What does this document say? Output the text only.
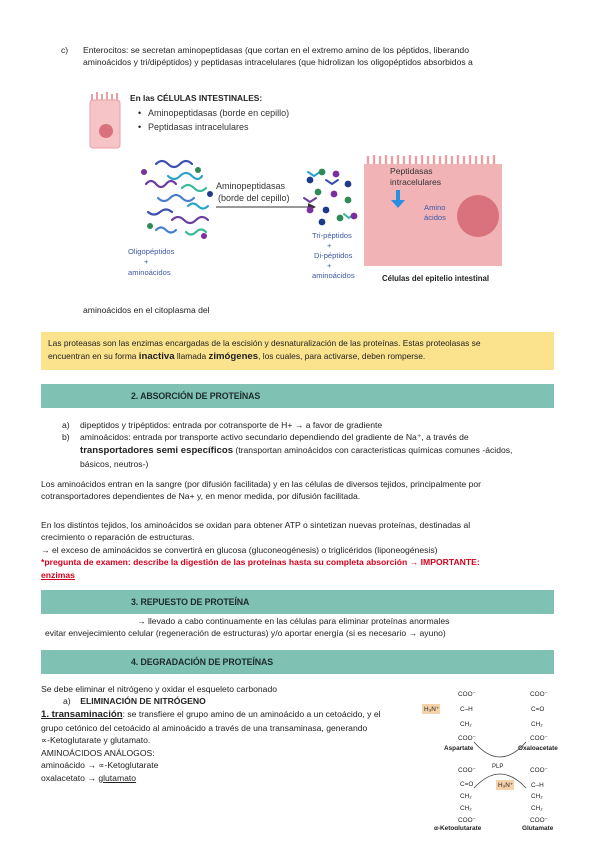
c) Enterocitos: se secretan aminopeptidasas (que cortan en el extremo amino de los péptidos, liberando
aminoácidos y tri/dipéptidos) y peptidasas intracelulares (que hidrolizan los oligopéptidos absorbidos a
En las CÉLULAS INTESTINALES:
• Aminopeptidasas (borde en cepillo)
• Peptidasas intracelulares
Oligopéptidos
+
aminoácidos
Aminopeptidasas
(borde del cepillo)
Tri-péptidos
+
Di-péptidos
+
aminoácidos
Peptidasas
intracelulares
Amino
ácidos
Células del epitelio intestinal
aminoácidos en el citoplasma del
Las proteasas son las enzimas encargadas de la escisión y desnaturalización de las proteínas. Estas proteolasas se
encuentran en su forma inactiva llamada zimógenes, los cuales, para activarse, deben romperse.
2. ABSORCIÓN DE PROTEÍNAS
a) dipeptidos y tripéptidos: entrada por cotransporte de H+ → a favor de gradiente
b) aminoácidos: entrada por transporte activo secundario dependiendo del gradiente de Na⁺, a través de
transportadores semi específicos (transportan aminoácidos con caracteristicas químicas comunes -ácidos,
básicos, neutros-)
Los aminoácidos entran en la sangre (por difusión facilitada) y en las células de diversos tejidos, principalmente por
cotransportadores dependientes de Na+ y, en menor medida, por difusión facilitada.
En los distintos tejidos, los aminoácidos se oxidan para obtener ATP o sintetizan nuevas proteínas, destinadas al
crecimiento o reparación de estructuras.
→ el exceso de aminoácidos se convertirá en glucosa (gluconeogénesis) o triglicéridos (liponeogénesis)
*pregunta de examen: describe la digestión de las proteínas hasta su completa absorción → IMPORTANTE:
enzimas
3. REPUESTO DE PROTEÍNA
→ llevado a cabo continuamente en las células para eliminar proteínas anormales
evitar envejecimiento celular (regeneración de estructuras) y/o aportar energía (si es necesario → ayuno)
4. DEGRADACIÓN DE PROTEÍNAS
Se debe eliminar el nitrógeno y oxidar el esqueleto carbonado
a) ELIMINACIÓN DE NITRÓGENO
1. transaminación: se transfiere el grupo amino de un aminoácido a un cetoácido, y el
grupo cetónico del cetoácido al aminoácido a través de una transaminasa, generando
∝-Ketoglutarate y glutamato.
AMINOÁCIDOS ANÁLOGOS:
aminoácido → ∝-Ketoglutarate
oxalacetato → glutamato
COO⁻
H₃N⁺	C–H
CH₂
COO⁻
Aspartate
COO⁻
C=O
CH₂
COO⁻
Oxaloacetate
PLP
COO⁻
C=O
CH₂
CH₂
COO⁻
α-Ketoglutarate
COO⁻
H₃N⁺	C–H
CH₂
CH₂
COO⁻
Glutamate
